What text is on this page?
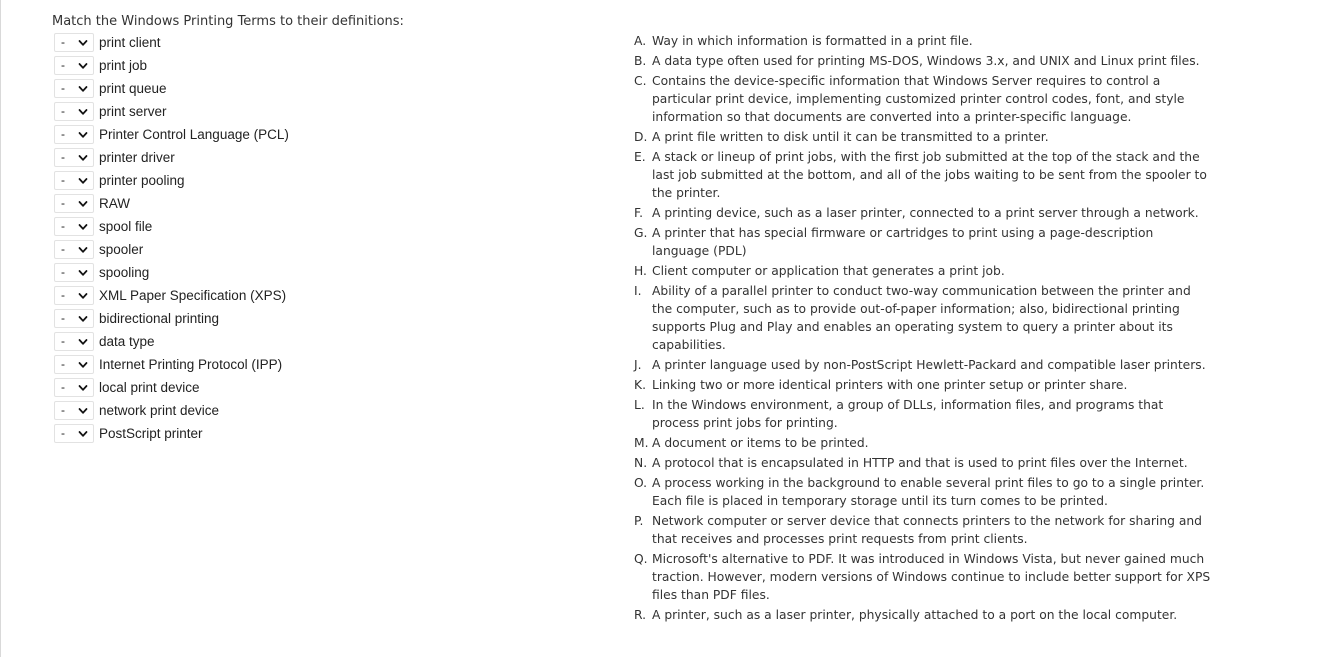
Match the Windows Printing Terms to their definitions:
-	print client
-	print job
-	print queue
-	print server
-	Printer Control Language (PCL)
-	printer driver
-	printer pooling
-	RAW
-	spool file
-	spooler
-	spooling
-	XML Paper Specification (XPS)
-	bidirectional printing
-	data type
-	Internet Printing Protocol (IPP)
-	local print device
-	network print device
-	PostScript printer
A. Way in which information is formatted in a print file.
B. A data type often used for printing MS-DOS, Windows 3.x, and UNIX and Linux print files.
C. Contains the device-specific information that Windows Server requires to control a particular print device, implementing customized printer control codes, font, and style information so that documents are converted into a printer-specific language.
D. A print file written to disk until it can be transmitted to a printer.
E. A stack or lineup of print jobs, with the first job submitted at the top of the stack and the last job submitted at the bottom, and all of the jobs waiting to be sent from the spooler to the printer.
F. A printing device, such as a laser printer, connected to a print server through a network.
G. A printer that has special firmware or cartridges to print using a page-description language (PDL)
H. Client computer or application that generates a print job.
I. Ability of a parallel printer to conduct two-way communication between the printer and the computer, such as to provide out-of-paper information; also, bidirectional printing supports Plug and Play and enables an operating system to query a printer about its capabilities.
J. A printer language used by non-PostScript Hewlett-Packard and compatible laser printers.
K. Linking two or more identical printers with one printer setup or printer share.
L. In the Windows environment, a group of DLLs, information files, and programs that process print jobs for printing.
M. A document or items to be printed.
N. A protocol that is encapsulated in HTTP and that is used to print files over the Internet.
O. A process working in the background to enable several print files to go to a single printer. Each file is placed in temporary storage until its turn comes to be printed.
P. Network computer or server device that connects printers to the network for sharing and that receives and processes print requests from print clients.
Q. Microsoft's alternative to PDF. It was introduced in Windows Vista, but never gained much traction. However, modern versions of Windows continue to include better support for XPS files than PDF files.
R. A printer, such as a laser printer, physically attached to a port on the local computer.
